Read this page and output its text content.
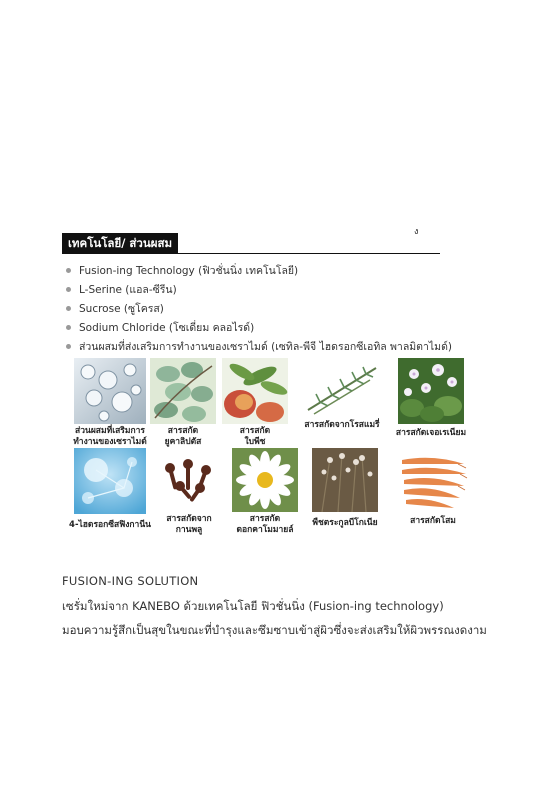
ง
เทคโนโลยี/ ส่วนผสม
Fusion-ing Technology (ฟิวชั่นนิ่ง เทคโนโลยี)
L-Serine (แอล-ซีรีน)
Sucrose (ซูโครส)
Sodium Chloride (โซเดี่ยม คลอไรด์)
ส่วนผสมที่ส่งเสริมการทำงานของเซราไมด์ (เซทิล-พีจี ไฮดรอกซีเอทิล พาลมิตาไมด์)
ส่วนผสมที่เสริมการ
ทำงานของเซราไมด์
สารสกัด
ยูคาลิปตัส
สารสกัด
ใบพีช
สารสกัดจากโรสแมรี่
สารสกัดเจอเรเนียม
4-ไฮดรอกซีสฟิงกานีน
สารสกัดจาก
กานพลู
สารสกัด
ดอกคาโมมายล์
พืชตระกูลบีโกเนีย	สารสกัดโสม
FUSION-ING SOLUTION
เซรั่มใหม่จาก KANEBO ด้วยเทคโนโลยี ฟิวชั่นนิ่ง (Fusion-ing technology)
มอบความรู้สึกเป็นสุขในขณะที่บำรุงและซึมซาบเข้าสู่ผิวซึ่งจะส่งเสริมให้ผิวพรรณงดงาม
